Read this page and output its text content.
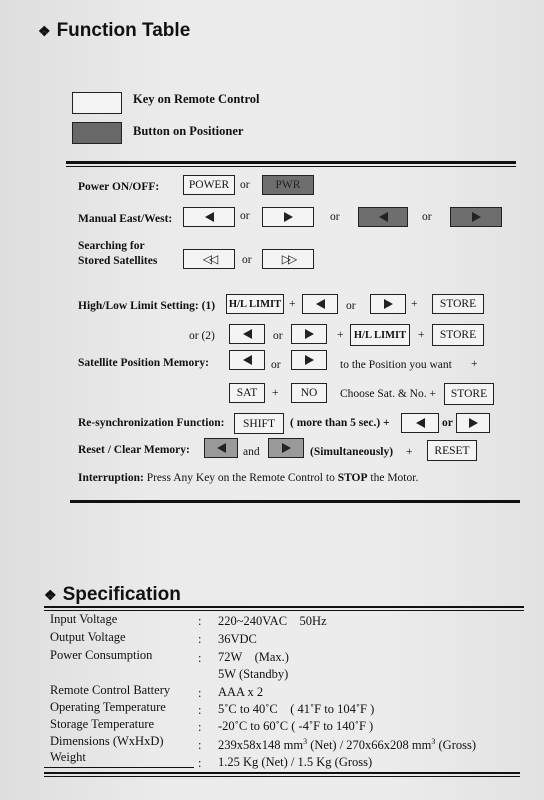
❖ Function Table
Key on Remote Control
Button on Positioner
Power ON/OFF:	POWER or PWR
Manual East/West:	or	or	or
Searching for
Stored Satellites	◁◁ or	▷▷
High/Low Limit Setting: (1) H/L LIMIT +	or	+ STORE
or (2)	or	+ H/L LIMIT + STORE
Satellite Position Memory:	or	to the Position you want +
SAT + NO Choose Sat. & No. + STORE
Re-synchronization Function: SHIFT ( more than 5 sec.) +	or
Reset / Clear Memory:	and	(Simultaneously) + RESET
Interruption: Press Any Key on the Remote Control to STOP the Motor.
❖ Specification
Input Voltage	: 220~240VAC    50Hz
Output Voltage	: 36VDC
Power Consumption	: 72W    (Max.)
5W (Standby)
Remote Control Battery : AAA x 2
Operating Temperature	: 5˚C to 40˚C    ( 41˚F to 104˚F )
Storage Temperature	: -20˚C to 60˚C ( -4˚F to 140˚F )
Dimensions (WxHxD)	: 239x58x148 $mm^3$ (Net) / 270x66x208 $mm^3$ (Gross)
Weight	: 1.25 Kg (Net) / 1.5 Kg (Gross)
